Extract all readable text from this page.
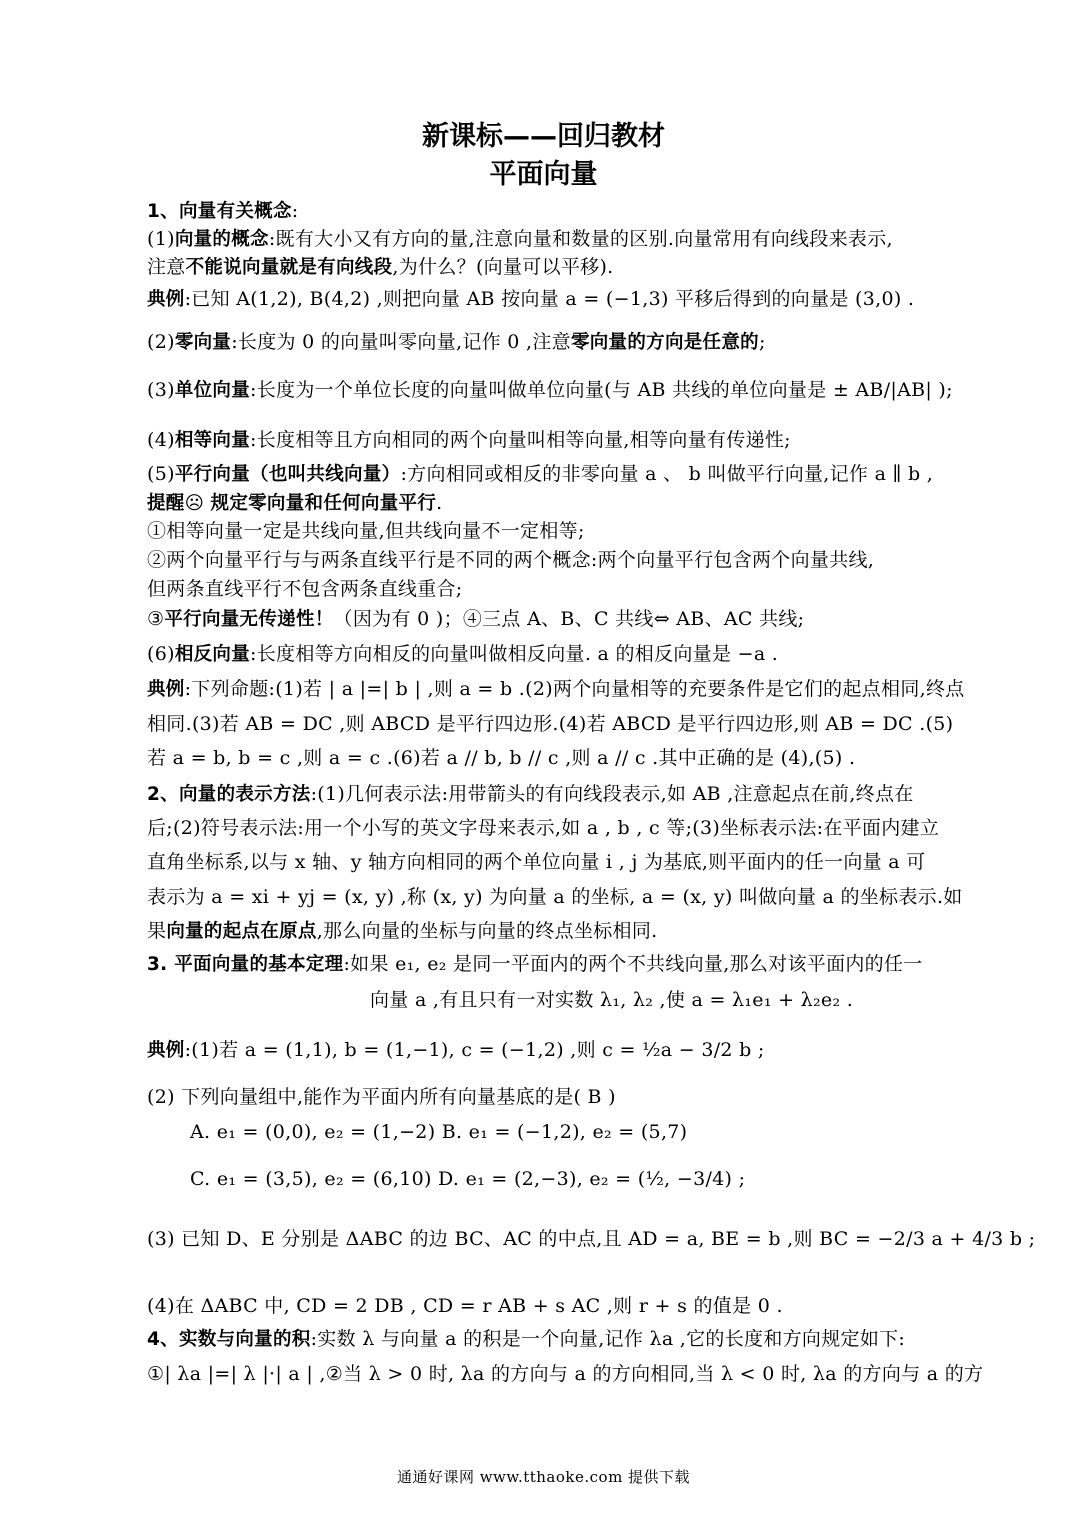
新课标——回归教材
平面向量
1、向量有关概念:
(1)向量的概念:既有大小又有方向的量,注意向量和数量的区别.向量常用有向线段来表示,
注意不能说向量就是有向线段,为什么？(向量可以平移).
典例:已知 A(1,2), B(4,2) ,则把向量 AB 按向量 a = (−1,3) 平移后得到的向量是 (3,0) .
(2)零向量:长度为 0 的向量叫零向量,记作 0 ,注意零向量的方向是任意的;
(3)单位向量:长度为一个单位长度的向量叫做单位向量(与 AB 共线的单位向量是 ± AB/|AB| );
(4)相等向量:长度相等且方向相同的两个向量叫相等向量,相等向量有传递性;
(5)平行向量（也叫共线向量）:方向相同或相反的非零向量 a 、 b 叫做平行向量,记作 a ∥ b ,
提醒☹ 规定零向量和任何向量平行.
①相等向量一定是共线向量,但共线向量不一定相等;
②两个向量平行与与两条直线平行是不同的两个概念:两个向量平行包含两个向量共线,
但两条直线平行不包含两条直线重合;
③平行向量无传递性！（因为有 0 )；④三点 A、B、C 共线⇔ AB、AC 共线;
(6)相反向量:长度相等方向相反的向量叫做相反向量. a 的相反向量是 −a .
典例:下列命题:(1)若 | a |=| b | ,则 a = b .(2)两个向量相等的充要条件是它们的起点相同,终点
相同.(3)若 AB = DC ,则 ABCD 是平行四边形.(4)若 ABCD 是平行四边形,则 AB = DC .(5)
若 a = b, b = c ,则 a = c .(6)若 a // b, b // c ,则 a // c .其中正确的是 (4),(5) .
2、向量的表示方法:(1)几何表示法:用带箭头的有向线段表示,如 AB ,注意起点在前,终点在
后;(2)符号表示法:用一个小写的英文字母来表示,如 a , b , c 等;(3)坐标表示法:在平面内建立
直角坐标系,以与 x 轴、y 轴方向相同的两个单位向量 i , j 为基底,则平面内的任一向量 a 可
表示为 a = xi + yj = (x, y) ,称 (x, y) 为向量 a 的坐标, a = (x, y) 叫做向量 a 的坐标表示.如
果向量的起点在原点,那么向量的坐标与向量的终点坐标相同.
3. 平面向量的基本定理:如果 e₁, e₂ 是同一平面内的两个不共线向量,那么对该平面内的任一
向量 a ,有且只有一对实数 λ₁, λ₂ ,使 a = λ₁e₁ + λ₂e₂ .
典例:(1)若 a = (1,1), b = (1,−1), c = (−1,2) ,则 c = ½a − 3/2 b ;
(2) 下列向量组中,能作为平面内所有向量基底的是( B )
A. e₁ = (0,0), e₂ = (1,−2) B. e₁ = (−1,2), e₂ = (5,7)
C. e₁ = (3,5), e₂ = (6,10) D. e₁ = (2,−3), e₂ = (½, −3/4) ;
(3) 已知 D、E 分别是 ΔABC 的边 BC、AC 的中点,且 AD = a, BE = b ,则 BC = −2/3 a + 4/3 b ;
(4)在 ΔABC 中, CD = 2 DB , CD = r AB + s AC ,则 r + s 的值是 0 .
4、实数与向量的积:实数 λ 与向量 a 的积是一个向量,记作 λa ,它的长度和方向规定如下:
①| λa |=| λ |·| a | ,②当 λ > 0 时, λa 的方向与 a 的方向相同,当 λ < 0 时, λa 的方向与 a 的方
通通好课网 www.tthaoke.com 提供下载
